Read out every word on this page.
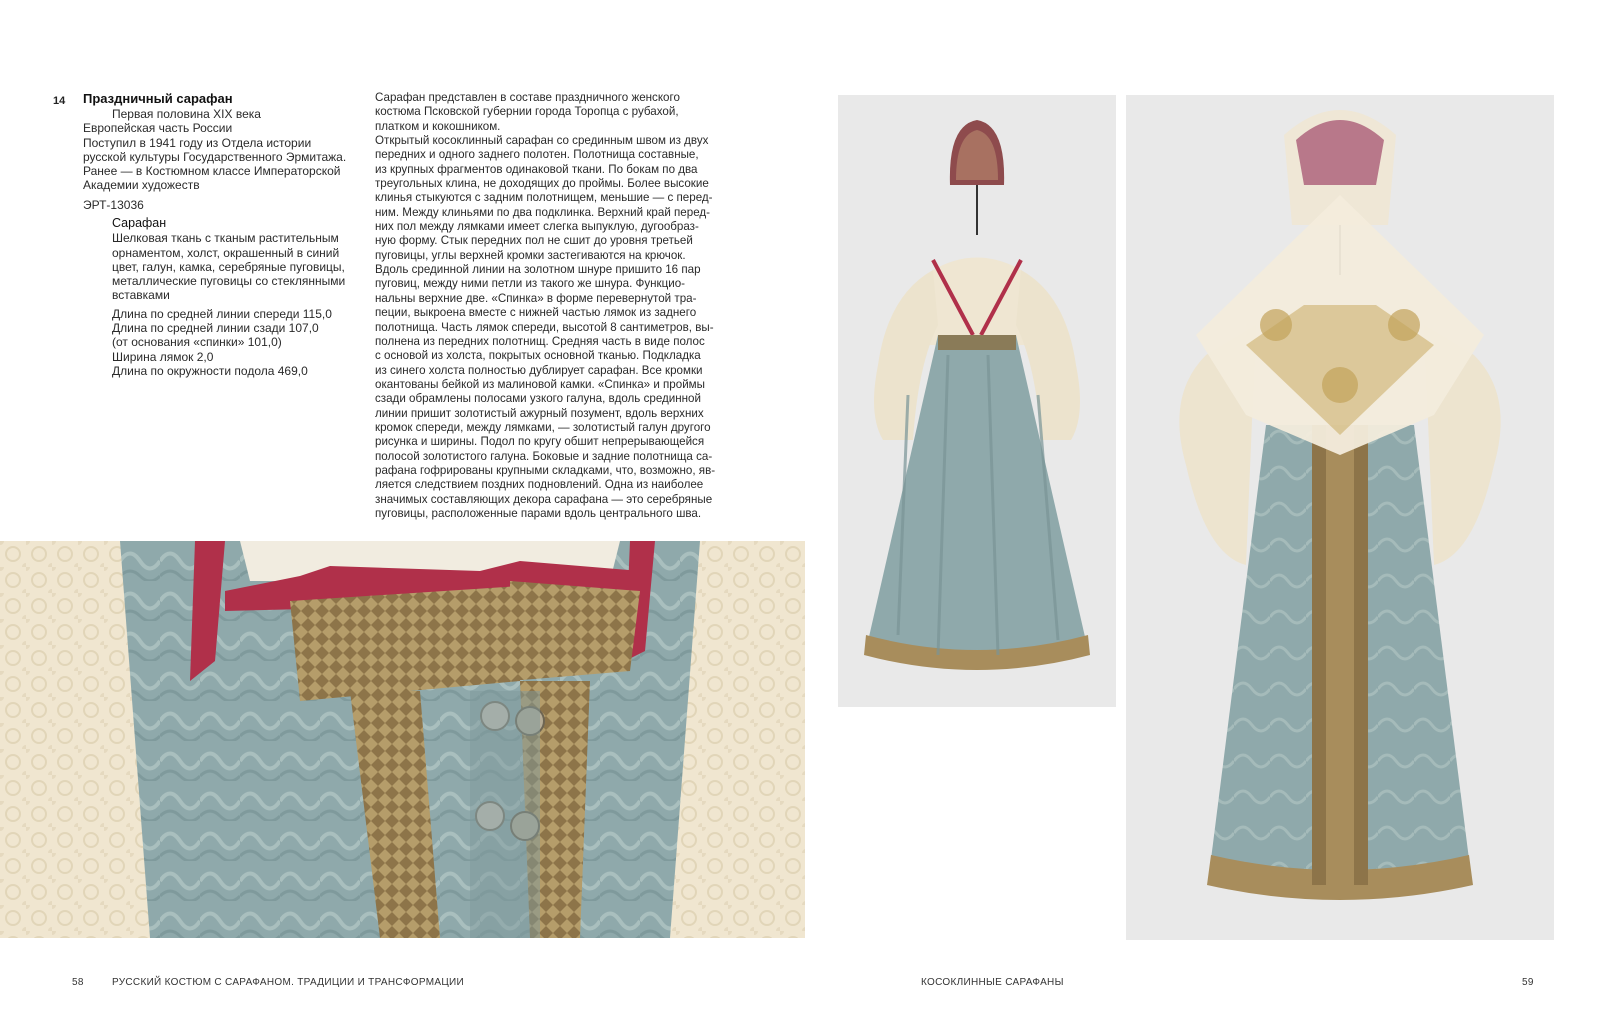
14 Праздничный сарафан
Первая половина XIX века
Европейская часть России
Поступил в 1941 году из Отдела истории
русской культуры Государственного Эрмитажа.
Ранее — в Костюмном классе Императорской
Академии художеств
ЭРТ-13036
Сарафан
Шелковая ткань с тканым растительным
орнаментом, холст, окрашенный в синий
цвет, галун, камка, серебряные пуговицы,
металлические пуговицы со стеклянными
вставками
Длина по средней линии спереди 115,0
Длина по средней линии сзади 107,0
(от основания «спинки» 101,0)
Ширина лямок 2,0
Длина по окружности подола 469,0
Сарафан представлен в составе праздничного женского
костюма Псковской губернии города Торопца с рубахой,
платком и кокошником.
Открытый косоклинный сарафан со срединным швом из двух
передних и одного заднего полотен. Полотнища составные,
из крупных фрагментов одинаковой ткани. По бокам по два
треугольных клина, не доходящих до проймы. Более высокие
клинья стыкуются с задним полотнищем, меньшие — с перед-
ним. Между клиньями по два подклинка. Верхний край перед-
них пол между лямками имеет слегка выпуклую, дугообраз-
ную форму. Стык передних пол не сшит до уровня третьей
пуговицы, углы верхней кромки застегиваются на крючок.
Вдоль срединной линии на золотном шнуре пришито 16 пар
пуговиц, между ними петли из такого же шнура. Функцио-
нальны верхние две. «Спинка» в форме перевернутой тра-
пеции, выкроена вместе с нижней частью лямок из заднего
полотнища. Часть лямок спереди, высотой 8 сантиметров, вы-
полнена из передних полотнищ. Средняя часть в виде полос
с основой из холста, покрытых основной тканью. Подкладка
из синего холста полностью дублирует сарафан. Все кромки
окантованы бейкой из малиновой камки. «Спинка» и проймы
сзади обрамлены полосами узкого галуна, вдоль срединной
линии пришит золотистый ажурный позумент, вдоль верхних
кромок спереди, между лямками, — золотистый галун другого
рисунка и ширины. Подол по кругу обшит непрерывающейся
полосой золотистого галуна. Боковые и задние полотнища са-
рафана гофрированы крупными складками, что, возможно, яв-
ляется следствием поздних подновлений. Одна из наиболее
значимых составляющих декора сарафана — это серебряные
пуговицы, расположенные парами вдоль центрального шва.
58	РУССКИЙ КОСТЮМ С САРАФАНОМ. ТРАДИЦИИ И ТРАНСФОРМАЦИИ	КОСОКЛИННЫЕ САРАФАНЫ	59
